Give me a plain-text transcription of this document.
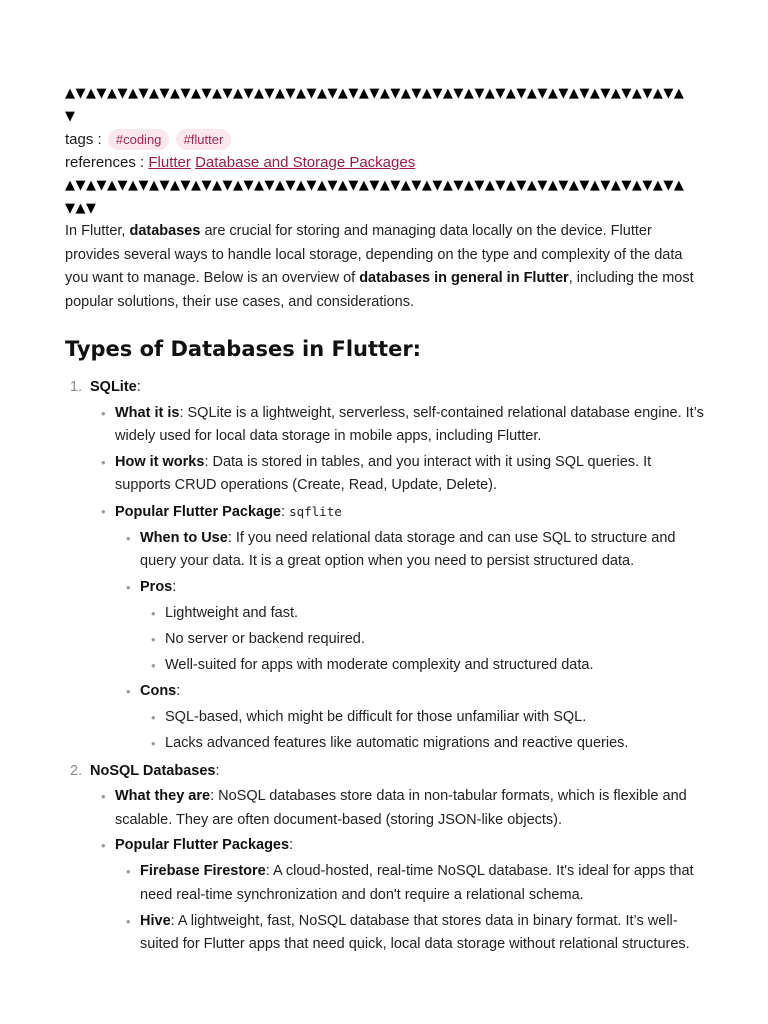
▲▼▲▼▲▼▲▼▲▼▲▼▲▼▲▼▲▼▲▼▲▼▲▼▲▼▲▼▲▼▲▼▲▼▲▼▲▼▲▼▲▼▲▼▲▼▲▼▲▼▲▼▲▼▲▼▲▼▲▼
tags : #coding #flutter
references : Flutter Database and Storage Packages
▲▼▲▼▲▼▲▼▲▼▲▼▲▼▲▼▲▼▲▼▲▼▲▼▲▼▲▼▲▼▲▼▲▼▲▼▲▼▲▼▲▼▲▼▲▼▲▼▲▼▲▼▲▼▲▼▲▼▲▼▲▼

In Flutter, databases are crucial for storing and managing data locally on the device. Flutter provides several ways to handle local storage, depending on the type and complexity of the data you want to manage. Below is an overview of databases in general in Flutter, including the most popular solutions, their use cases, and considerations.

Types of Databases in Flutter:
1. SQLite:
• What it is: SQLite is a lightweight, serverless, self-contained relational database engine. It’s widely used for local data storage in mobile apps, including Flutter.
• How it works: Data is stored in tables, and you interact with it using SQL queries. It supports CRUD operations (Create, Read, Update, Delete).
• Popular Flutter Package: sqflite
• When to Use: If you need relational data storage and can use SQL to structure and query your data. It is a great option when you need to persist structured data.
• Pros:
• Lightweight and fast.
• No server or backend required.
• Well-suited for apps with moderate complexity and structured data.
• Cons:
• SQL-based, which might be difficult for those unfamiliar with SQL.
• Lacks advanced features like automatic migrations and reactive queries.
2. NoSQL Databases:
• What they are: NoSQL databases store data in non-tabular formats, which is flexible and scalable. They are often document-based (storing JSON-like objects).
• Popular Flutter Packages:
• Firebase Firestore: A cloud-hosted, real-time NoSQL database. It's ideal for apps that need real-time synchronization and don't require a relational schema.
• Hive: A lightweight, fast, NoSQL database that stores data in binary format. It’s well-suited for Flutter apps that need quick, local data storage without relational structures.
